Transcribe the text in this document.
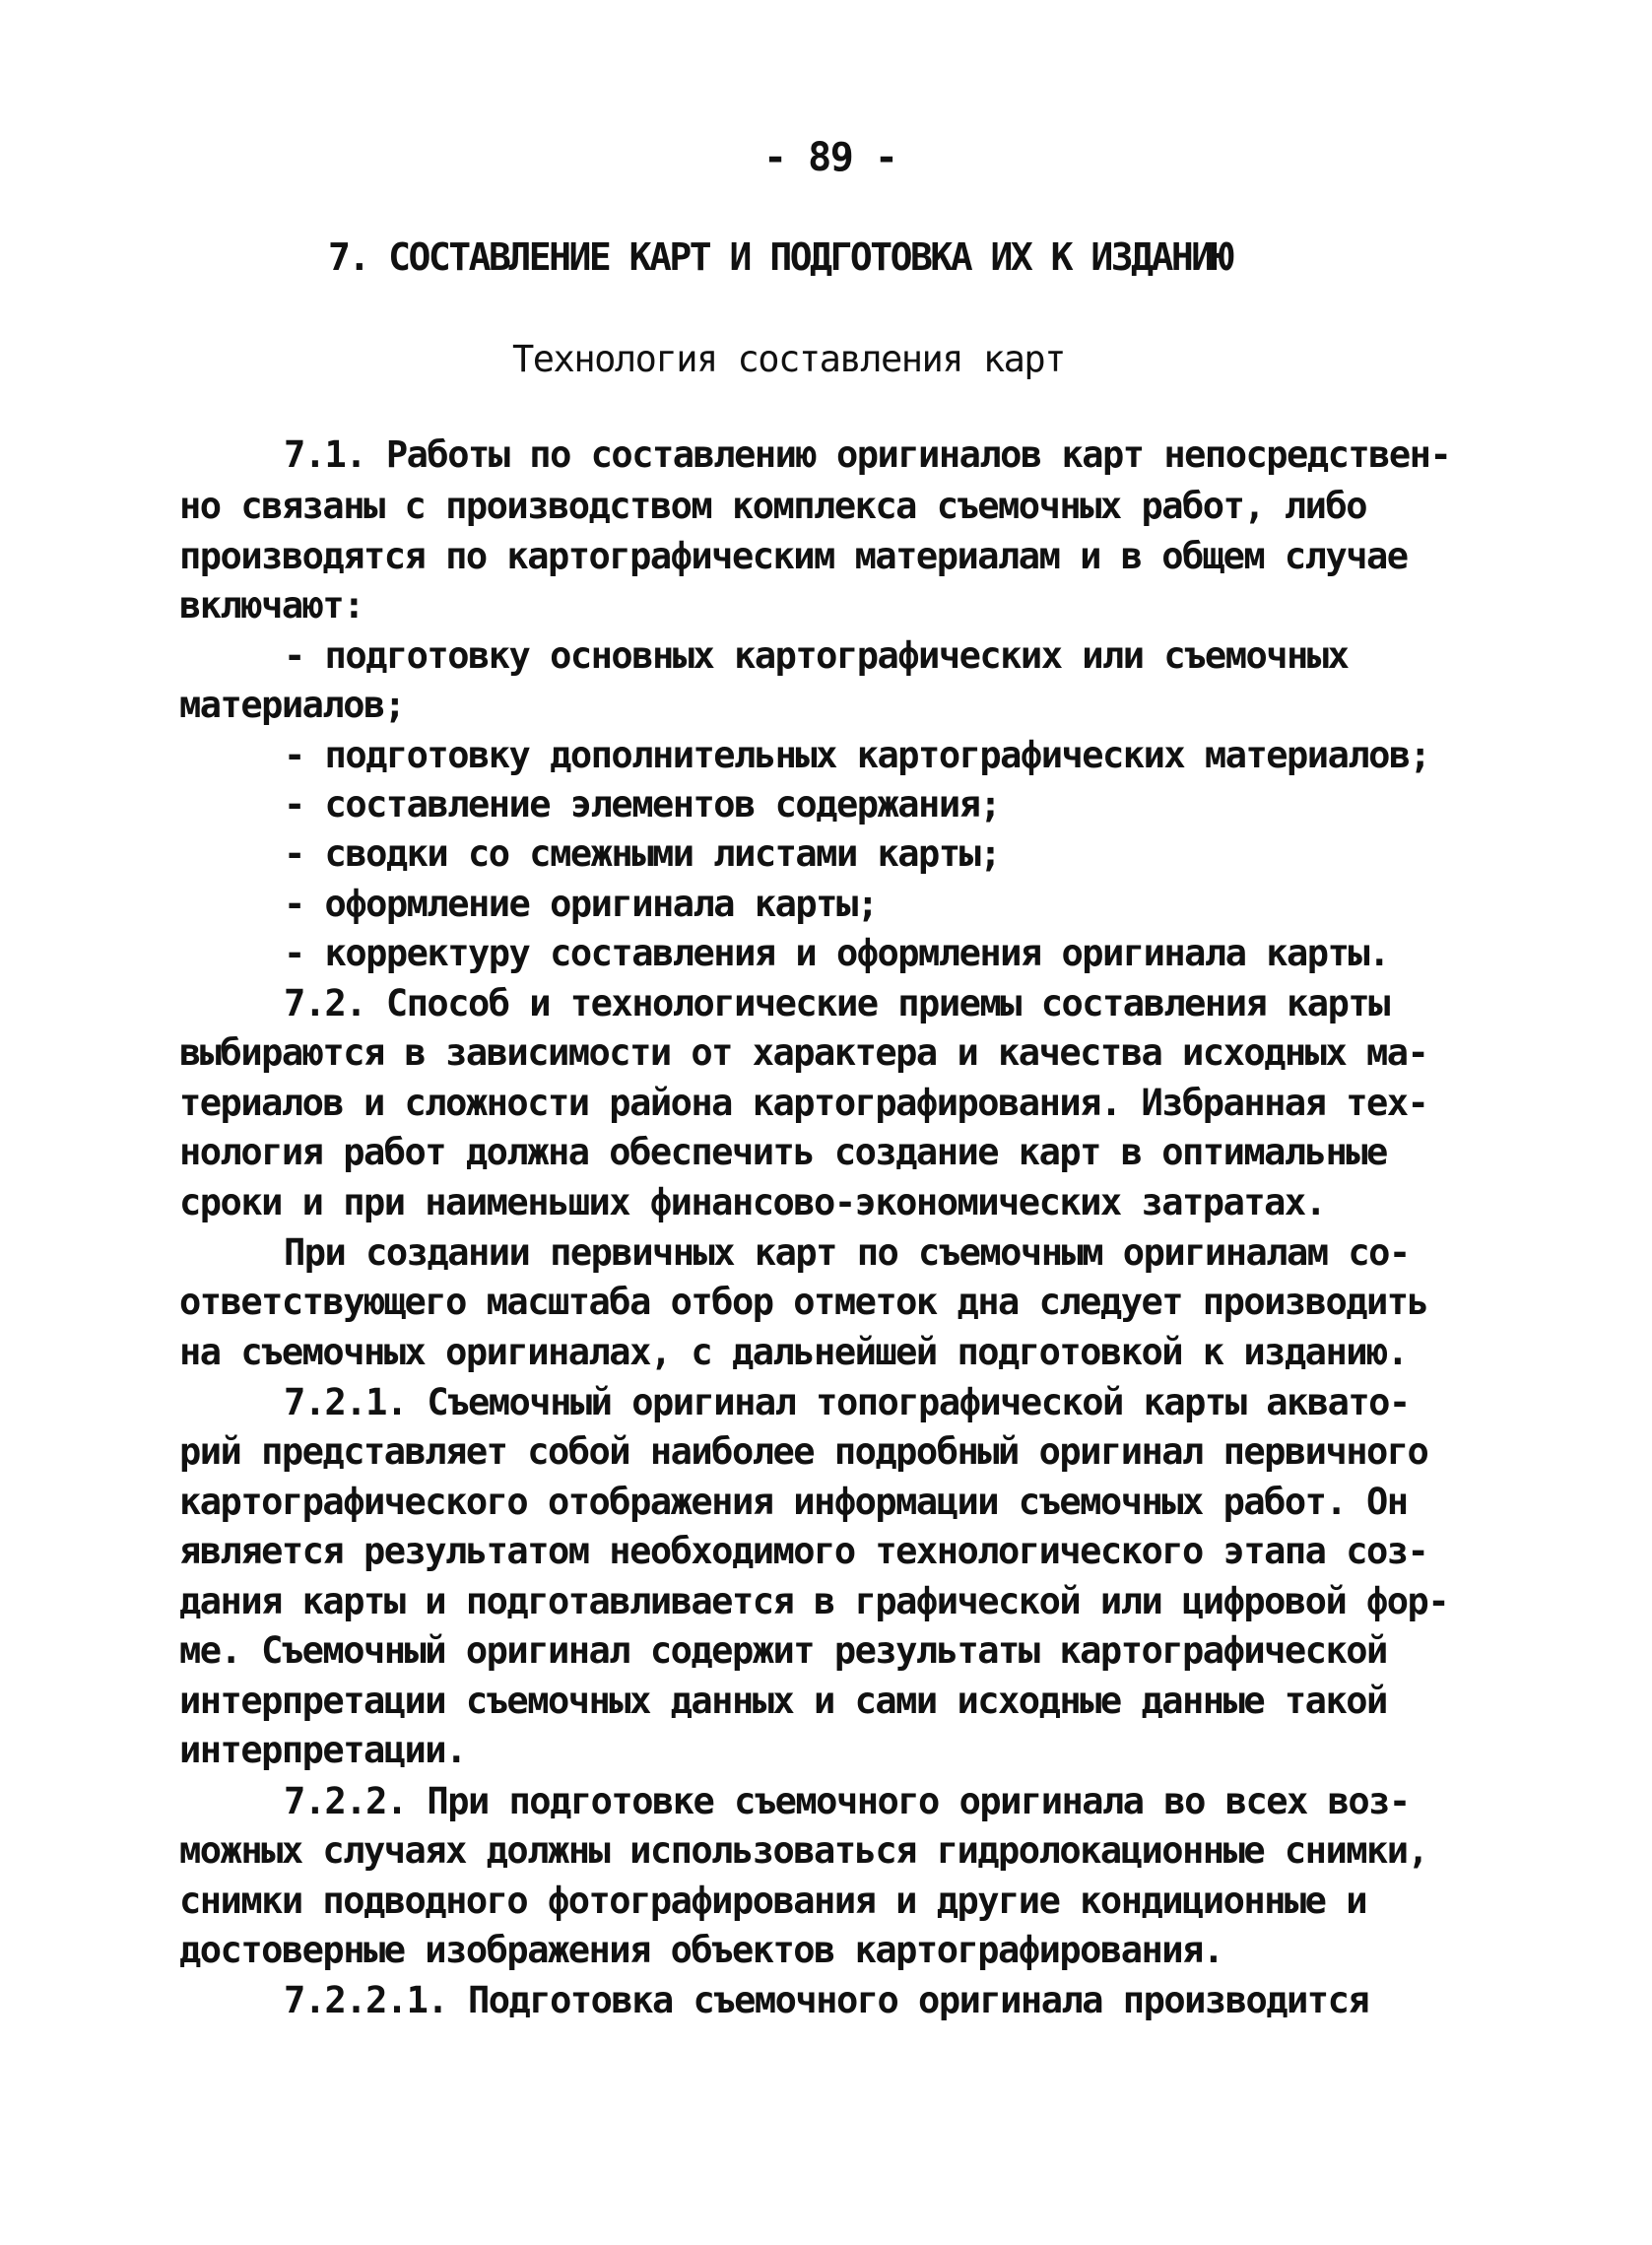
- 89 -
7. СОСТАВЛЕНИЕ КАРТ И ПОДГОТОВКА ИХ К ИЗДАНИЮ
Технология составления карт
7.1. Работы по составлению оригиналов карт непосредствен-
но связаны с производством комплекса съемочных работ, либо
производятся по картографическим материалам и в общем случае
включают:
- подготовку основных картографических или съемочных
материалов;
- подготовку дополнительных картографических материалов;
- составление элементов содержания;
- сводки со смежными листами карты;
- оформление оригинала карты;
- корректуру составления и оформления оригинала карты.
7.2. Способ и технологические приемы составления карты
выбираются в зависимости от характера и качества исходных ма-
териалов и сложности района картографирования. Избранная тех-
нология работ должна обеспечить создание карт в оптимальные
сроки и при наименьших финансово-экономических затратах.
При создании первичных карт по съемочным оригиналам со-
ответствующего масштаба отбор отметок дна следует производить
на съемочных оригиналах, с дальнейшей подготовкой к изданию.
7.2.1. Съемочный оригинал топографической карты аквато-
рий представляет собой наиболее подробный оригинал первичного
картографического отображения информации съемочных работ. Он
является результатом необходимого технологического этапа соз-
дания карты и подготавливается в графической или цифровой фор-
ме. Съемочный оригинал содержит результаты картографической
интерпретации съемочных данных и сами исходные данные такой
интерпретации.
7.2.2. При подготовке съемочного оригинала во всех воз-
можных случаях должны использоваться гидролокационные снимки,
снимки подводного фотографирования и другие кондиционные и
достоверные изображения объектов картографирования.
7.2.2.1. Подготовка съемочного оригинала производится
